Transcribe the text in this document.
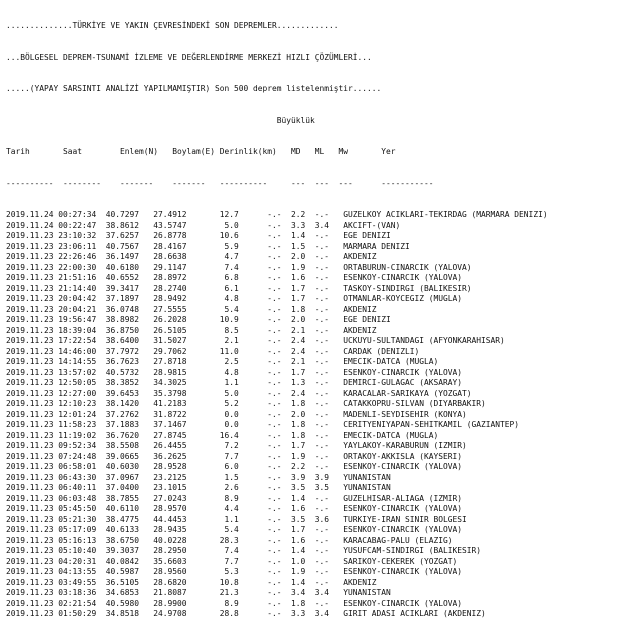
..............TÜRKİYE VE YAKIN ÇEVRESİNDEKİ SON DEPREMLER.............

...BÖLGESEL DEPREM-TSUNAMİ İZLEME VE DEĞERLENDİRME MERKEZİ HIZLI ÇÖZÜMLERİ...

.....(YAPAY SARSINTI ANALİZİ YAPILMAMIŞTIR) Son 500 deprem listelenmiştir......

Büyüklük

Tarih       Saat        Enlem(N)   Boylam(E) Derinlik(km)   MD   ML   Mw       Yer

----------  --------    -------    -------   ----------     ---  ---  ---      -----------

2019.11.24 00:27:34  40.7297   27.4912       12.7      -.-  2.2  -.-   GUZELKOY ACIKLARI-TEKIRDAG (MARMARA DENIZI)
2019.11.24 00:22:47  38.8612   43.5747        5.0      -.-  3.3  3.4   AKCIFT-(VAN)
2019.11.23 23:10:32  37.6257   26.8778       10.6      -.-  1.4  -.-   EGE DENIZI
2019.11.23 23:06:11  40.7567   28.4167        5.9      -.-  1.5  -.-   MARMARA DENIZI
2019.11.23 22:26:46  36.1497   28.6638        4.7      -.-  2.0  -.-   AKDENIZ
2019.11.23 22:00:30  40.6180   29.1147        7.4      -.-  1.9  -.-   ORTABURUN-CINARCIK (YALOVA)
2019.11.23 21:51:16  40.6552   28.8972        6.8      -.-  1.6  -.-   ESENKOY-CINARCIK (YALOVA)
2019.11.23 21:14:40  39.3417   28.2740        6.1      -.-  1.7  -.-   TASKOY-SINDIRGI (BALIKESIR)
2019.11.23 20:04:42  37.1897   28.9492        4.8      -.-  1.7  -.-   OTMANLAR-KOYCEGIZ (MUGLA)
2019.11.23 20:04:21  36.0748   27.5555        5.4      -.-  1.8  -.-   AKDENIZ
2019.11.23 19:56:47  38.8982   26.2028       10.9      -.-  2.0  -.-   EGE DENIZI
2019.11.23 18:39:04  36.8750   26.5105        8.5      -.-  2.1  -.-   AKDENIZ
2019.11.23 17:22:54  38.6400   31.5027        2.1      -.-  2.4  -.-   UCKUYU-SULTANDAGI (AFYONKARAHISAR)
2019.11.23 14:46:00  37.7972   29.7062       11.0      -.-  2.4  -.-   CARDAK (DENIZLI)
2019.11.23 14:14:55  36.7623   27.8718        2.5      -.-  2.1  -.-   EMECIK-DATCA (MUGLA)
2019.11.23 13:57:02  40.5732   28.9815        4.8      -.-  1.7  -.-   ESENKOY-CINARCIK (YALOVA)
2019.11.23 12:50:05  38.3852   34.3025        1.1      -.-  1.3  -.-   DEMIRCI-GULAGAC (AKSARAY)
2019.11.23 12:27:00  39.6453   35.3798        5.0      -.-  2.4  -.-   KARACALAR-SARIKAYA (YOZGAT)
2019.11.23 12:10:23  38.1420   41.2183        5.2      -.-  1.8  -.-   CATAKKOPRU-SILVAN (DIYARBAKIR)
2019.11.23 12:01:24  37.2762   31.8722        0.0      -.-  2.0  -.-   MADENLI-SEYDISEHIR (KONYA)
2019.11.23 11:58:23  37.1883   37.1467        0.0      -.-  1.8  -.-   CERITYENIYAPAN-SEHITKAMIL (GAZIANTEP)
2019.11.23 11:19:02  36.7620   27.8745       16.4      -.-  1.8  -.-   EMECIK-DATCA (MUGLA)
2019.11.23 09:52:34  38.5508   26.4455        7.2      -.-  1.7  -.-   YAYLAKOY-KARABURUN (IZMIR)
2019.11.23 07:24:48  39.0665   36.2625        7.7      -.-  1.9  -.-   ORTAKOY-AKKISLA (KAYSERI)
2019.11.23 06:58:01  40.6030   28.9528        6.0      -.-  2.2  -.-   ESENKOY-CINARCIK (YALOVA)
2019.11.23 06:43:30  37.0967   23.2125        1.5      -.-  3.9  3.9   YUNANISTAN
2019.11.23 06:40:11  37.0400   23.1015        2.6      -.-  3.5  3.5   YUNANISTAN
2019.11.23 06:03:48  38.7855   27.0243        8.9      -.-  1.4  -.-   GUZELHISAR-ALIAGA (IZMIR)
2019.11.23 05:45:50  40.6110   28.9570        4.4      -.-  1.6  -.-   ESENKOY-CINARCIK (YALOVA)
2019.11.23 05:21:30  38.4775   44.4453        1.1      -.-  3.5  3.6   TURKIYE-IRAN SINIR BOLGESI
2019.11.23 05:17:09  40.6133   28.9435        5.4      -.-  1.7  -.-   ESENKOY-CINARCIK (YALOVA)
2019.11.23 05:16:13  38.6750   40.0228       28.3      -.-  1.6  -.-   KARACABAG-PALU (ELAZIG)
2019.11.23 05:10:40  39.3037   28.2950        7.4      -.-  1.4  -.-   YUSUFCAM-SINDIRGI (BALIKESIR)
2019.11.23 04:20:31  40.0842   35.6603        7.7      -.-  1.0  -.-   SARIKOY-CEKEREK (YOZGAT)
2019.11.23 04:13:55  40.5987   28.9560        5.3      -.-  1.9  -.-   ESENKOY-CINARCIK (YALOVA)
2019.11.23 03:49:55  36.5105   28.6820       10.8      -.-  1.4  -.-   AKDENIZ
2019.11.23 03:18:36  34.6853   21.8087       21.3      -.-  3.4  3.4   YUNANISTAN
2019.11.23 02:21:54  40.5980   28.9900        8.9      -.-  1.8  -.-   ESENKOY-CINARCIK (YALOVA)
2019.11.23 01:50:29  34.8518   24.9708       28.8      -.-  3.3  3.4   GIRIT ADASI ACIKLARI (AKDENIZ)
